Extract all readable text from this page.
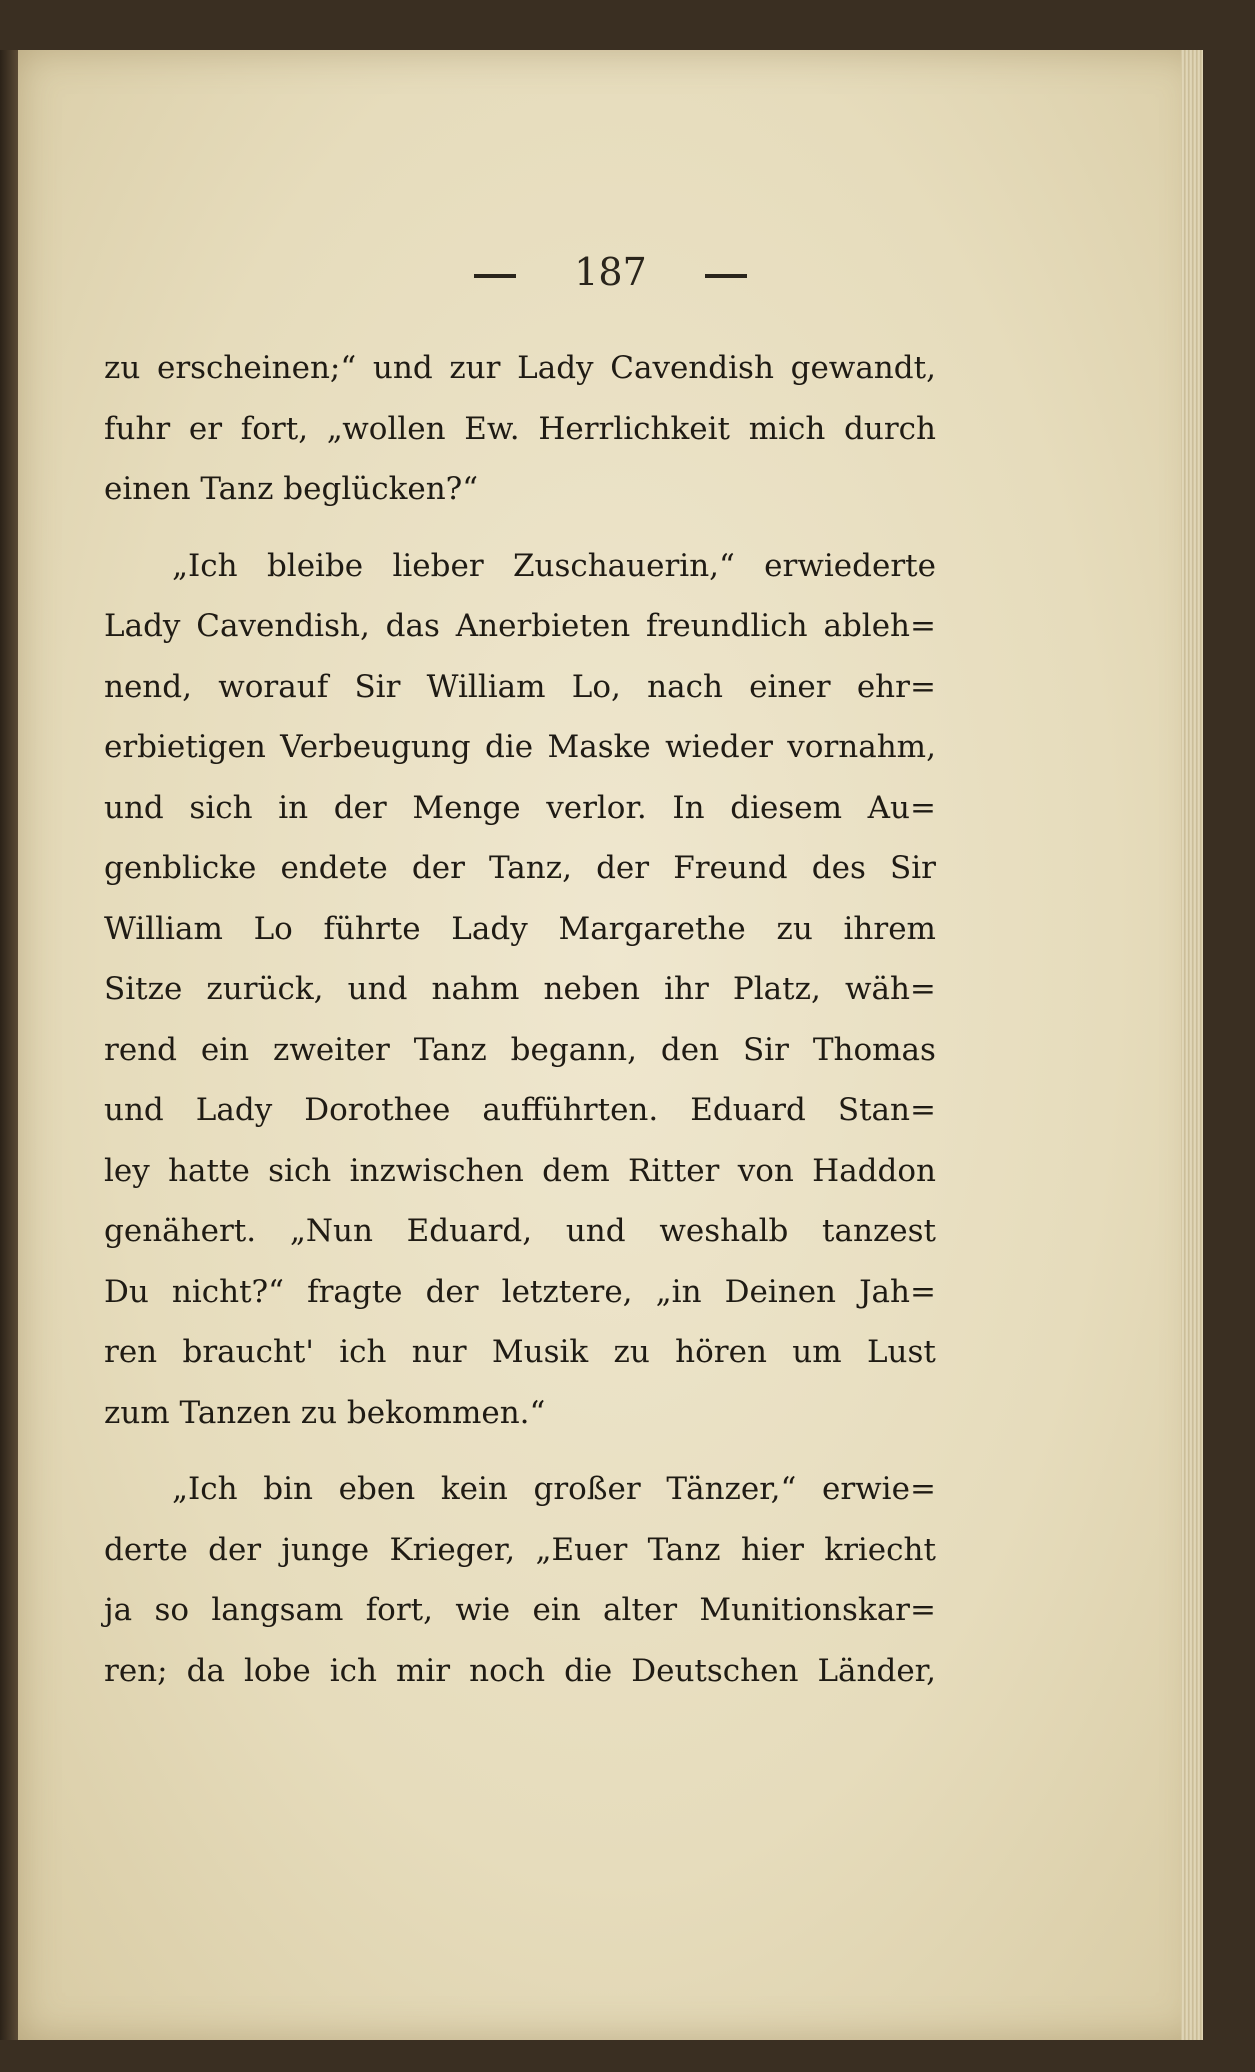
187
zu erscheinen;“ und zur Lady Cavendish gewandt,
fuhr er fort, „wollen Ew. Herrlichkeit mich durch
einen Tanz beglücken?“
„Ich bleibe lieber Zuschauerin,“ erwiederte
Lady Cavendish, das Anerbieten freundlich ableh=
nend, worauf Sir William Lo, nach einer ehr=
erbietigen Verbeugung die Maske wieder vornahm,
und sich in der Menge verlor. In diesem Au=
genblicke endete der Tanz, der Freund des Sir
William Lo führte Lady Margarethe zu ihrem
Sitze zurück, und nahm neben ihr Platz, wäh=
rend ein zweiter Tanz begann, den Sir Thomas
und Lady Dorothee aufführten. Eduard Stan=
ley hatte sich inzwischen dem Ritter von Haddon
genähert. „Nun Eduard, und weshalb tanzest
Du nicht?“ fragte der letztere, „in Deinen Jah=
ren braucht' ich nur Musik zu hören um Lust
zum Tanzen zu bekommen.“
„Ich bin eben kein großer Tänzer,“ erwie=
derte der junge Krieger, „Euer Tanz hier kriecht
ja so langsam fort, wie ein alter Munitionskar=
ren; da lobe ich mir noch die Deutschen Länder,
